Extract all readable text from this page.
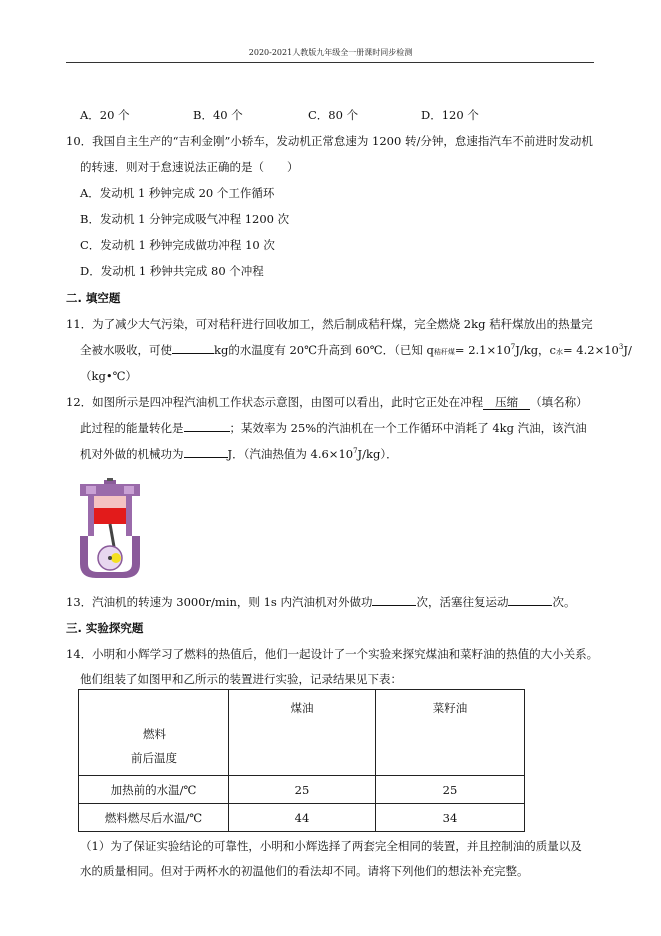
2020-2021人教版九年级全一册课时同步检测
A．20 个	B．40 个	C．80 个	D．120 个
10．我国自主生产的“吉利金刚”小轿车，发动机正常怠速为 1200 转/分钟，怠速指汽车不前进时发动机
的转速．则对于怠速说法正确的是（　　）
A．发动机 1 秒钟完成 20 个工作循环
B．发动机 1 分钟完成吸气冲程 1200 次
C．发动机 1 秒钟完成做功冲程 10 次
D．发动机 1 秒钟共完成 80 个冲程
二. 填空题
11．为了减少大气污染，可对秸秆进行回收加工，然后制成秸秆煤，完全燃烧 2kg 秸秆煤放出的热量完
全被水吸收，可使	kg的水温度有 20℃升高到 60℃．（已知 q秸秆煤= $2.1\times 10^7J/kg$，c水= $4.2\times 10^3J/$
（kg•℃）
12．如图所示是四冲程汽油机工作状态示意图，由图可以看出，此时它正处在冲程 压缩 （填名称）
此过程的能量转化是	；某效率为 25%的汽油机在一个工作循环中消耗了 4kg 汽油，该汽油
机对外做的机械功为	J．（汽油热值为 $4.6\times 10^7J/kg$）．
13．汽油机的转速为 3000r/min，则 1s 内汽油机对外做功	次，活塞往复运动	次。
三. 实验探究题
14．小明和小辉学习了燃料的热值后，他们一起设计了一个实验来探究煤油和菜籽油的热值的大小关系。
他们组装了如图甲和乙所示的装置进行实验，记录结果见下表：
燃料
前后温度	煤油	菜籽油
加热前的水温/℃	25	25
燃料燃尽后水温/℃	44	34
（1）为了保证实验结论的可靠性，小明和小辉选择了两套完全相同的装置，并且控制油的质量以及
水的质量相同。但对于两杯水的初温他们的看法却不同。请将下列他们的想法补充完整。
